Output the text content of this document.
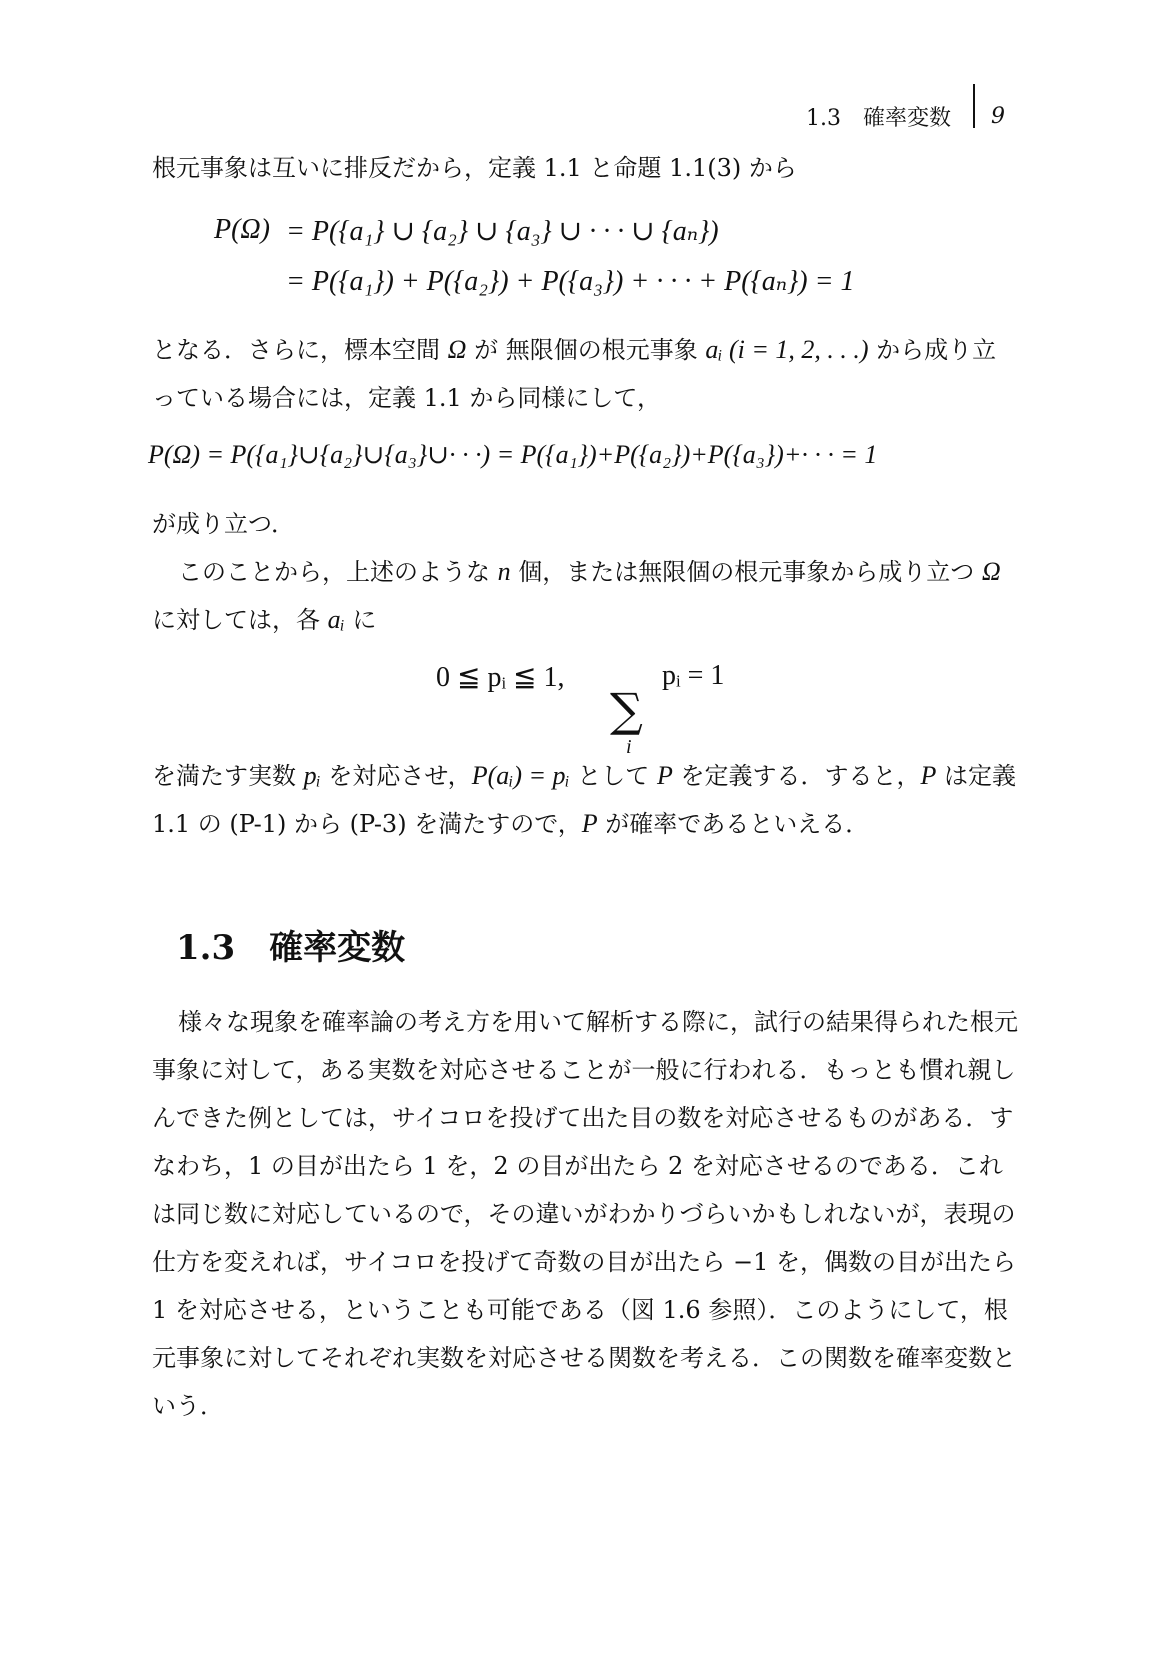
1.3　確率変数 9

根元事象は互いに排反だから，定義 1.1 と命題 1.1(3) から

P(Ω) = P({a₁} ∪ {a₂} ∪ {a₃} ∪ · · · ∪ {aₙ})
= P({a₁}) + P({a₂}) + P({a₃}) + · · · + P({aₙ}) = 1

となる．さらに，標本空間 Ω が 無限個の根元事象 aᵢ (i = 1, 2, . . .) から成り立っている場合には，定義 1.1 から同様にして，

P(Ω) = P({a₁}∪{a₂}∪{a₃}∪· · ·) = P({a₁})+P({a₂})+P({a₃})+· · · = 1

が成り立つ．

このことから，上述のような n 個，または無限個の根元事象から成り立つ Ω に対しては，各 aᵢ に

0 ≦ pᵢ ≦ 1,
∑
i
pᵢ = 1

を満たす実数 pᵢ を対応させ，P(aᵢ) = pᵢ として P を定義する．すると，P は定義 1.1 の (P-1) から (P-3) を満たすので，P が確率であるといえる．

1.3 確率変数

様々な現象を確率論の考え方を用いて解析する際に，試行の結果得られた根元事象に対して，ある実数を対応させることが一般に行われる．もっとも慣れ親しんできた例としては，サイコロを投げて出た目の数を対応させるものがある．すなわち，1 の目が出たら 1 を，2 の目が出たら 2 を対応させるのである．これは同じ数に対応しているので，その違いがわかりづらいかもしれないが，表現の仕方を変えれば，サイコロを投げて奇数の目が出たら −1 を，偶数の目が出たら 1 を対応させる，ということも可能である（図 1.6 参照）．このようにして，根元事象に対してそれぞれ実数を対応させる関数を考える．この関数を確率変数という．
